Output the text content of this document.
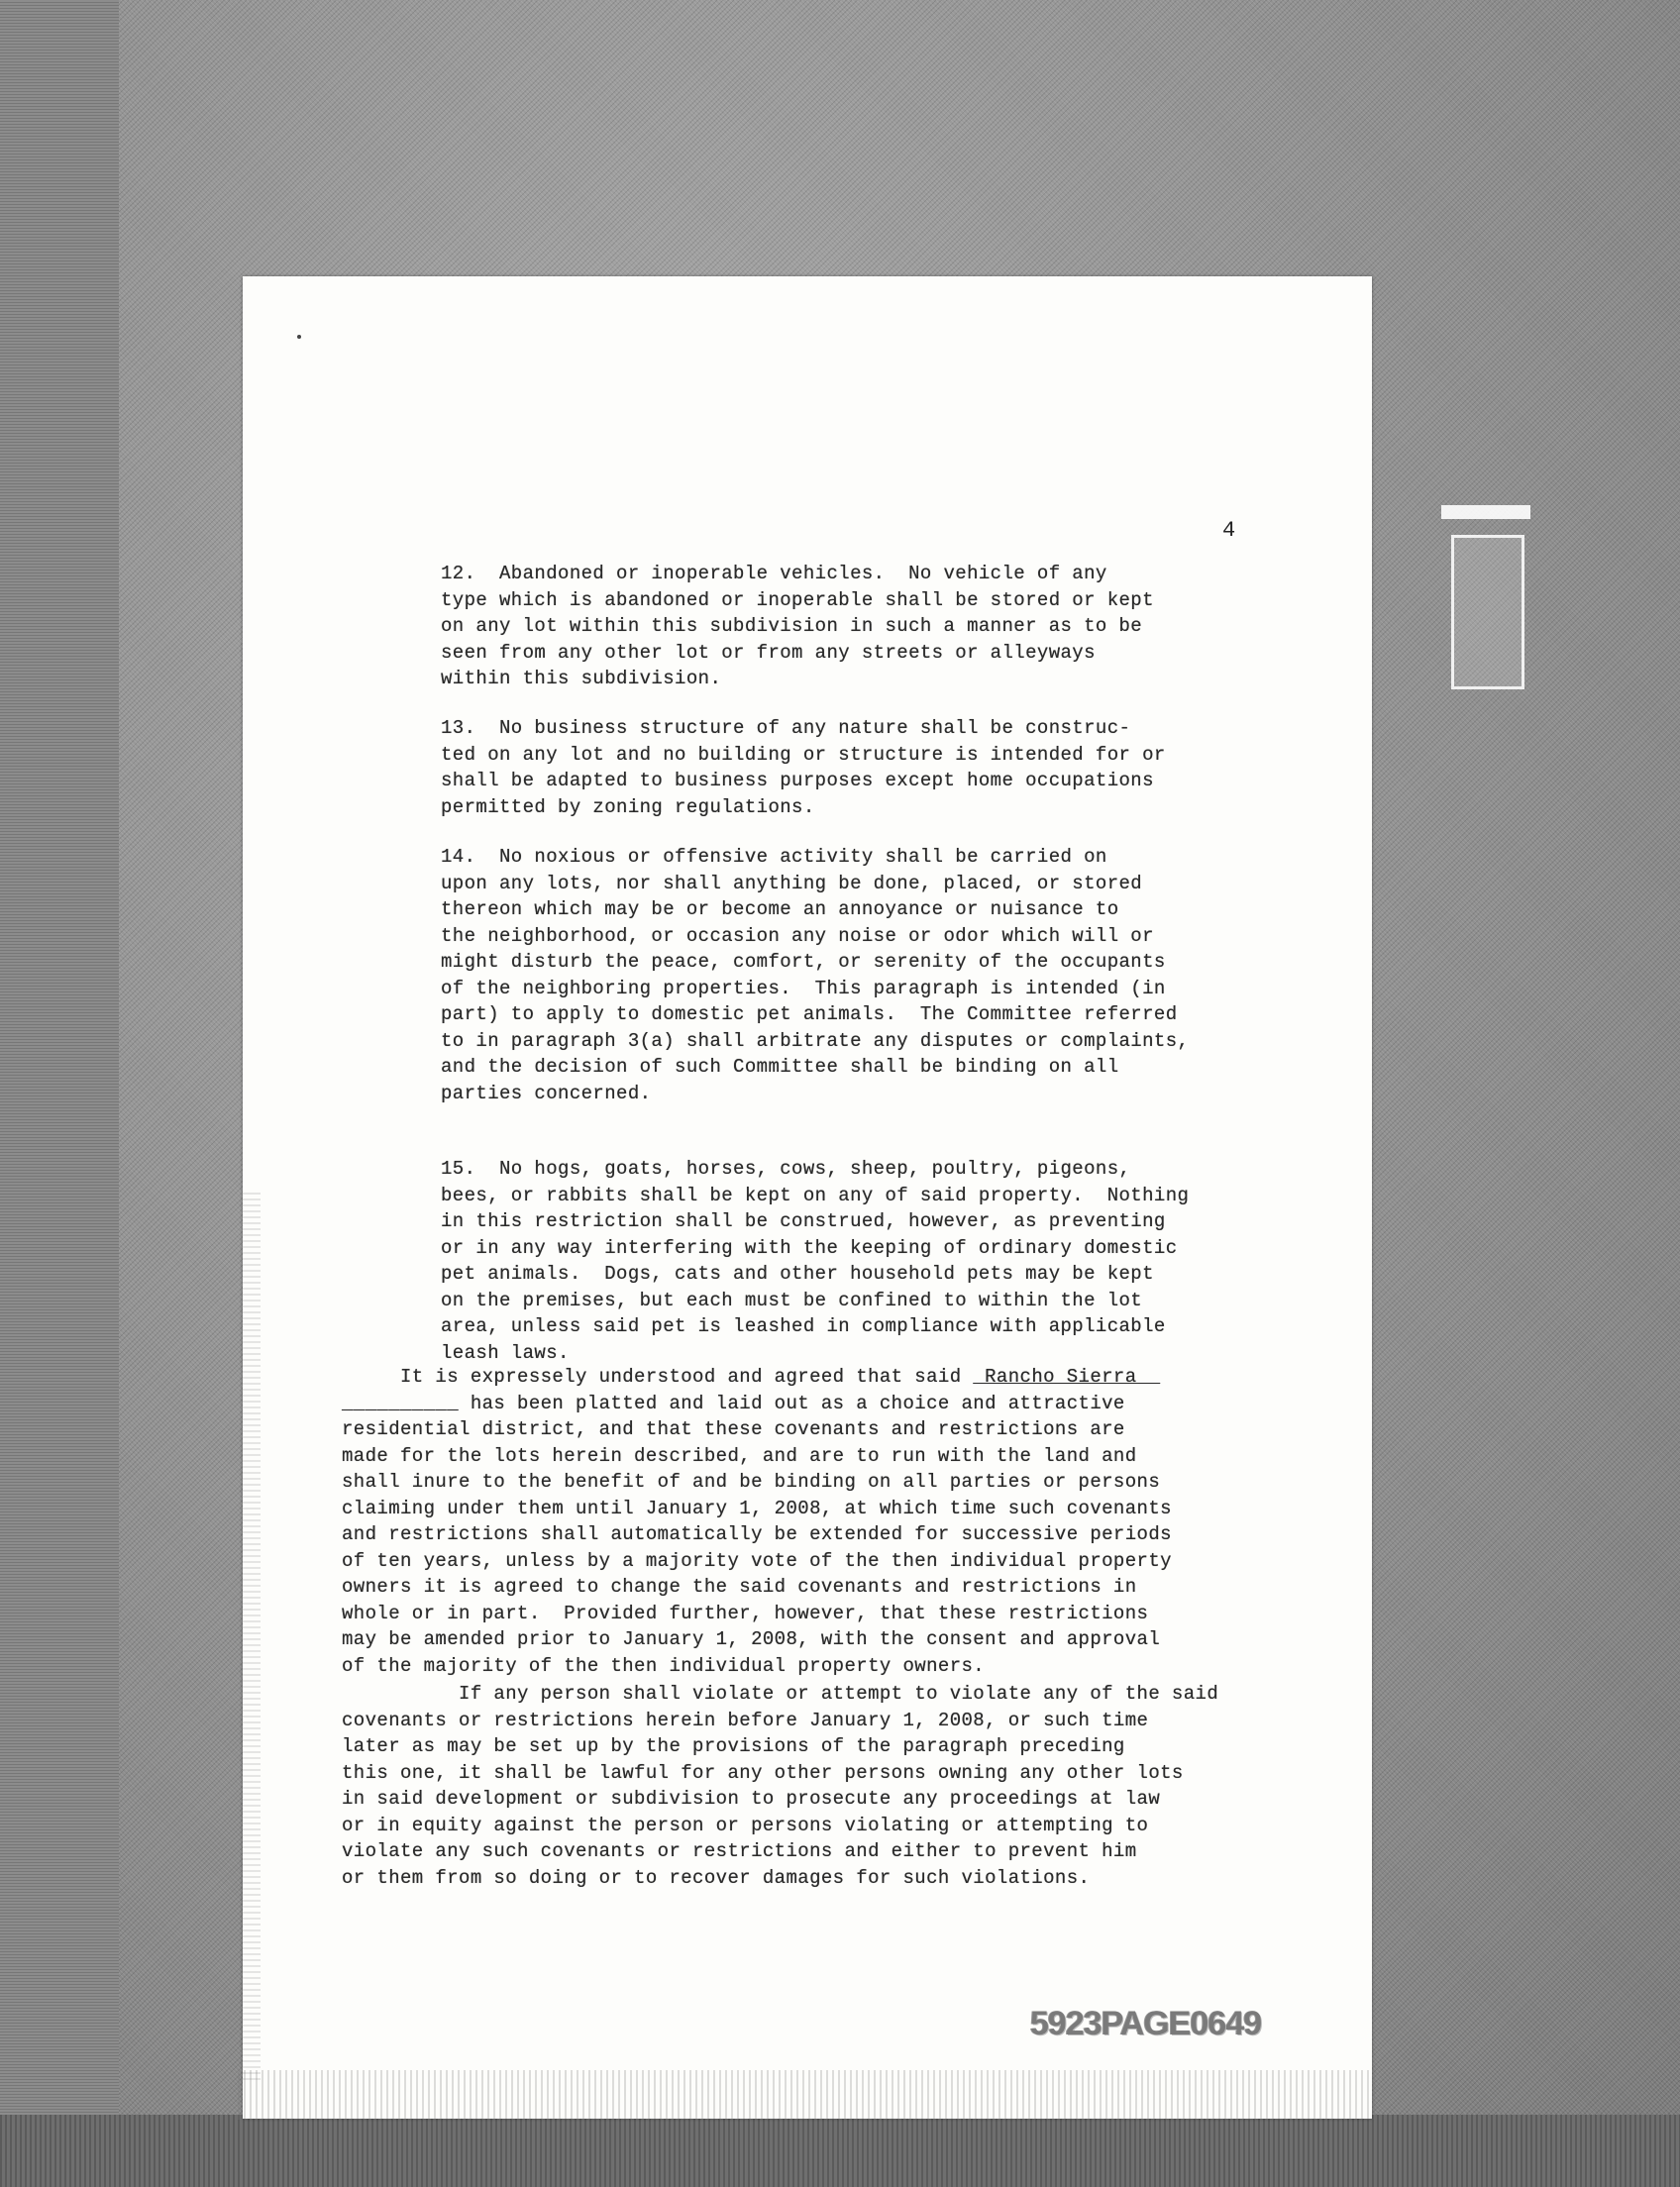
4
12.  Abandoned or inoperable vehicles.  No vehicle of any
type which is abandoned or inoperable shall be stored or kept
on any lot within this subdivision in such a manner as to be
seen from any other lot or from any streets or alleyways
within this subdivision.
13.  No business structure of any nature shall be construc-
ted on any lot and no building or structure is intended for or
shall be adapted to business purposes except home occupations
permitted by zoning regulations.
14.  No noxious or offensive activity shall be carried on
upon any lots, nor shall anything be done, placed, or stored
thereon which may be or become an annoyance or nuisance to
the neighborhood, or occasion any noise or odor which will or
might disturb the peace, comfort, or serenity of the occupants
of the neighboring properties.  This paragraph is intended (in
part) to apply to domestic pet animals.  The Committee referred
to in paragraph 3(a) shall arbitrate any disputes or complaints,
and the decision of such Committee shall be binding on all
parties concerned.
15.  No hogs, goats, horses, cows, sheep, poultry, pigeons,
bees, or rabbits shall be kept on any of said property.  Nothing
in this restriction shall be construed, however, as preventing
or in any way interfering with the keeping of ordinary domestic
pet animals.  Dogs, cats and other household pets may be kept
on the premises, but each must be confined to within the lot
area, unless said pet is leashed in compliance with applicable
leash laws.
It is expressely understood and agreed that said  Rancho Sierra
__________ has been platted and laid out as a choice and attractive
residential district, and that these covenants and restrictions are
made for the lots herein described, and are to run with the land and
shall inure to the benefit of and be binding on all parties or persons
claiming under them until January 1, 2008, at which time such covenants
and restrictions shall automatically be extended for successive periods
of ten years, unless by a majority vote of the then individual property
owners it is agreed to change the said covenants and restrictions in
whole or in part.  Provided further, however, that these restrictions
may be amended prior to January 1, 2008, with the consent and approval
of the majority of the then individual property owners.
If any person shall violate or attempt to violate any of the said
covenants or restrictions herein before January 1, 2008, or such time
later as may be set up by the provisions of the paragraph preceding
this one, it shall be lawful for any other persons owning any other lots
in said development or subdivision to prosecute any proceedings at law
or in equity against the person or persons violating or attempting to
violate any such covenants or restrictions and either to prevent him
or them from so doing or to recover damages for such violations.
5923PAGE0649
